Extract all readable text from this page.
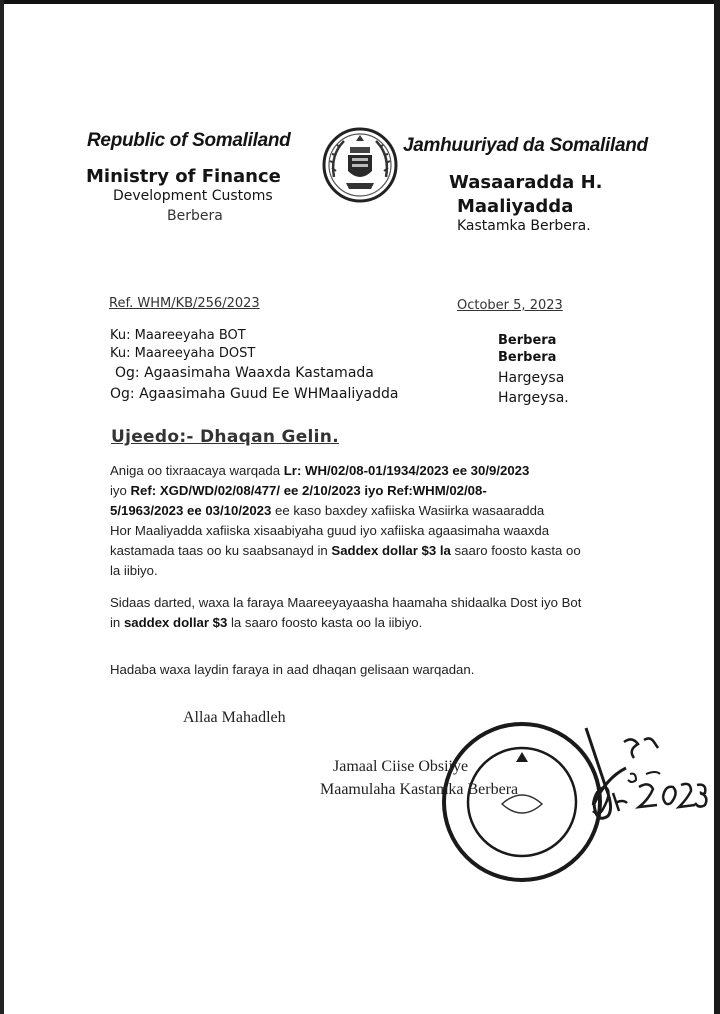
Republic of Somaliland

Ministry of Finance

Development Customs

Berbera

Jamhuuriyad da Somaliland

Wasaaradda H.

Maaliyadda

Kastamka Berbera.

Ref. WHM/KB/256/2023	October 5, 2023

Ku: Maareeyaha BOT	Berbera

Ku: Maareeyaha DOST	Berbera

Og: Agaasimaha Waaxda Kastamada	Hargeysa

Og: Agaasimaha Guud Ee WHMaaliyadda	Hargeysa.

Ujeedo:- Dhaqan Gelin.

Aniga oo tixraacaya warqada Lr: WH/02/08-01/1934/2023 ee 30/9/2023
iyo Ref: XGD/WD/02/08/477/ ee 2/10/2023 iyo Ref:WHM/02/08-
5/1963/2023 ee 03/10/2023 ee kaso baxdey xafiiska Wasiirka wasaaradda
Hor Maaliyadda xafiiska xisaabiyaha guud iyo xafiiska agaasimaha waaxda
kastamada taas oo ku saabsanayd in Saddex dollar $3 la saaro foosto kasta oo
la iibiyo.
Sidaas darted, waxa la faraya Maareeyayaasha haamaha shidaalka Dost iyo Bot
in saddex dollar $3 la saaro foosto kasta oo la iibiyo.

Hadaba waxa laydin faraya in aad dhaqan gelisaan warqadan.

Allaa Mahadleh

Jamaal Ciise Obsiiye

Maamulaha Kastamka Berbera
